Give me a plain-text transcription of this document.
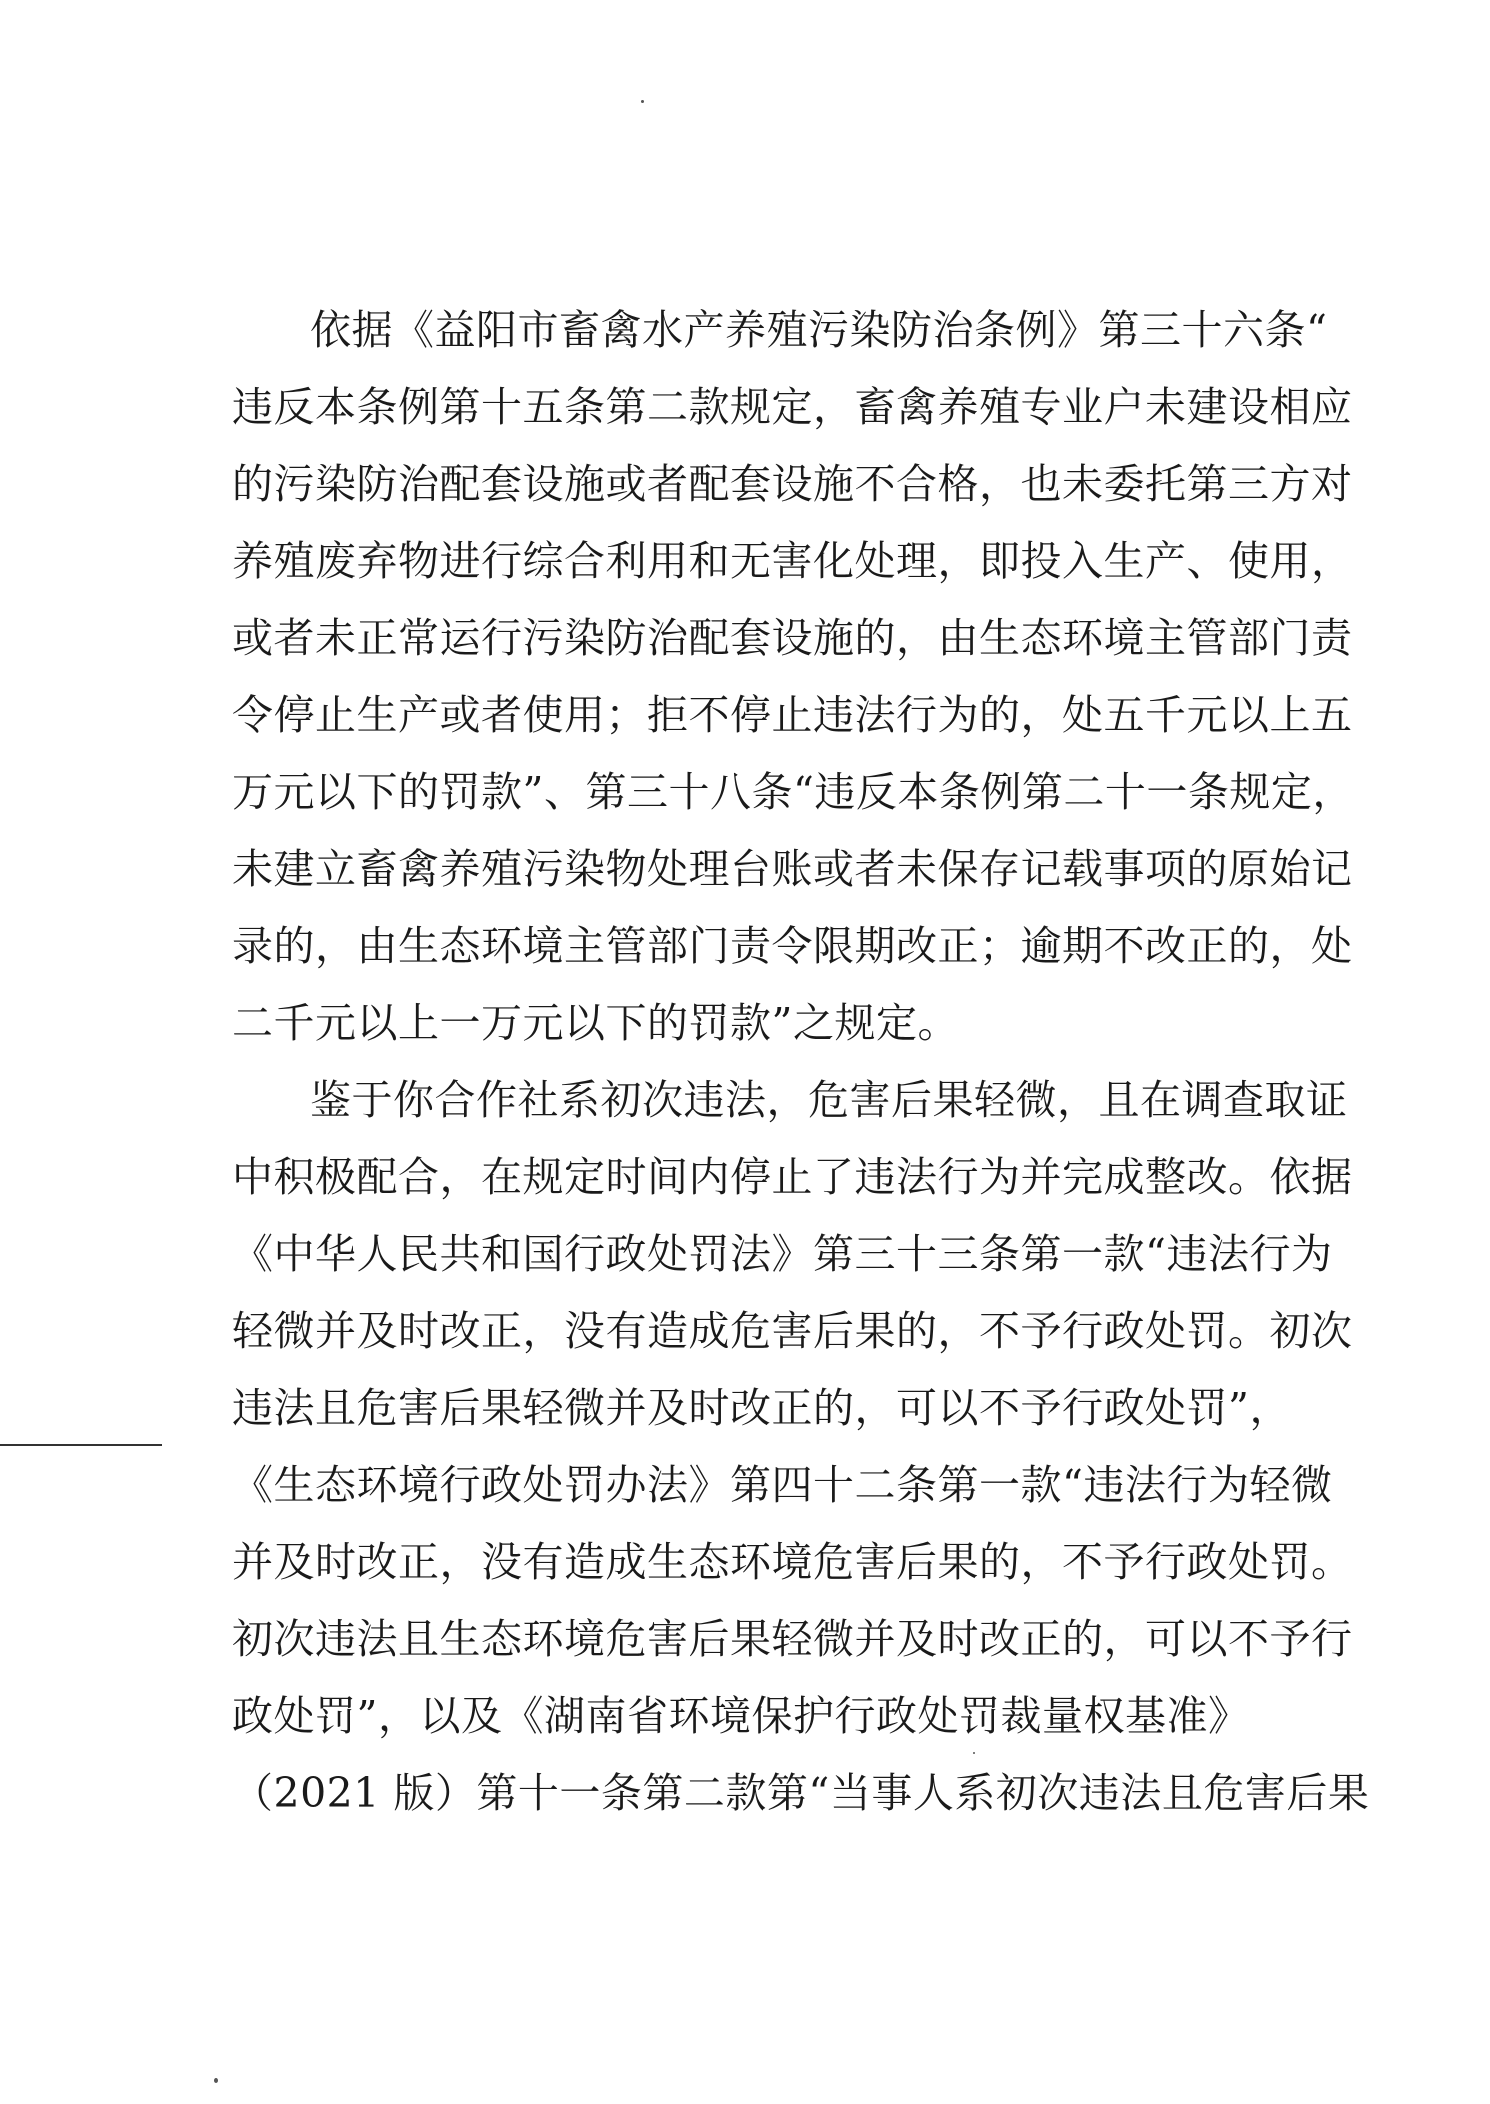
依据《益阳市畜禽水产养殖污染防治条例》第三十六条“
违反本条例第十五条第二款规定，畜禽养殖专业户未建设相应
的污染防治配套设施或者配套设施不合格，也未委托第三方对
养殖废弃物进行综合利用和无害化处理，即投入生产、使用，
或者未正常运行污染防治配套设施的，由生态环境主管部门责
令停止生产或者使用；拒不停止违法行为的，处五千元以上五
万元以下的罚款”、第三十八条“违反本条例第二十一条规定，
未建立畜禽养殖污染物处理台账或者未保存记载事项的原始记
录的，由生态环境主管部门责令限期改正；逾期不改正的，处
二千元以上一万元以下的罚款”之规定。
鉴于你合作社系初次违法，危害后果轻微，且在调查取证
中积极配合，在规定时间内停止了违法行为并完成整改。依据
《中华人民共和国行政处罚法》第三十三条第一款“违法行为
轻微并及时改正，没有造成危害后果的，不予行政处罚。初次
违法且危害后果轻微并及时改正的，可以不予行政处罚”，
《生态环境行政处罚办法》第四十二条第一款“违法行为轻微
并及时改正，没有造成生态环境危害后果的，不予行政处罚。
初次违法且生态环境危害后果轻微并及时改正的，可以不予行
政处罚”，以及《湖南省环境保护行政处罚裁量权基准》
（2021 版）第十一条第二款第“当事人系初次违法且危害后果
